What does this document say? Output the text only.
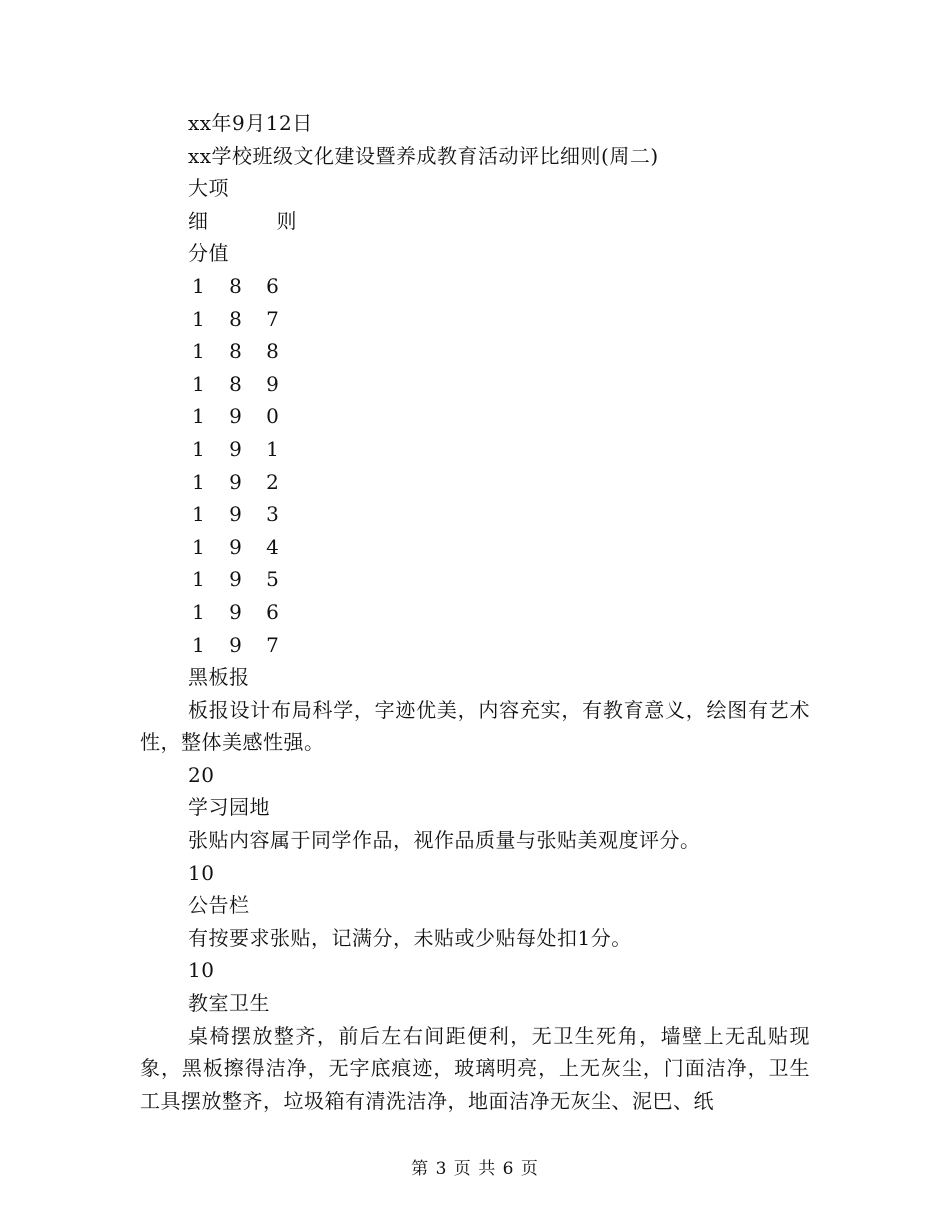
xx年9月12日
xx学校班级文化建设暨养成教育活动评比细则(周二)
大项
细	则
分值
1 8 6
1 8 7
1 8 8
1 8 9
1 9 0
1 9 1
1 9 2
1 9 3
1 9 4
1 9 5
1 9 6
1 9 7
黑板报

板报设计布局科学，字迹优美，内容充实，有教育意义，绘图有艺术性，整体美感性强。

20
学习园地
张贴内容属于同学作品，视作品质量与张贴美观度评分。
10
公告栏
有按要求张贴，记满分，未贴或少贴每处扣1分。
10
教室卫生

桌椅摆放整齐，前后左右间距便利，无卫生死角，墙壁上无乱贴现象，黑板擦得洁净，无字底痕迹，玻璃明亮，上无灰尘，门面洁净，卫生工具摆放整齐，垃圾箱有清洗洁净，地面洁净无灰尘、泥巴、纸

第 3 页 共 6 页
